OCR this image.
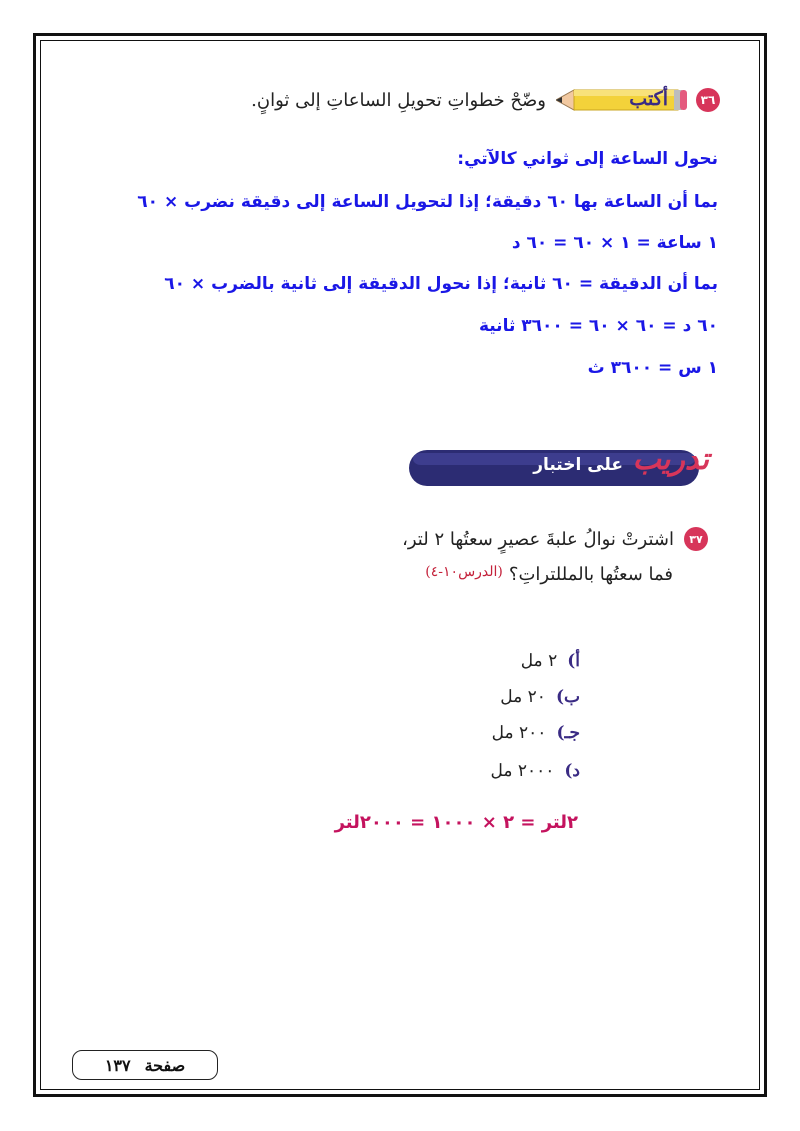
٣٦
أكتب
وضّحْ خطواتِ تحويلِ الساعاتِ إلى ثوانٍ.
نحول الساعة إلى ثواني كالآتي:
بما أن الساعة بها ٦٠ دقيقة؛ إذا لتحويل الساعة إلى دقيقة نضرب × ٦٠
١ ساعة = ١ × ٦٠ = ٦٠ د
بما أن الدقيقة = ٦٠ ثانية؛ إذا نحول الدقيقة إلى ثانية بالضرب × ٦٠
٦٠ د = ٦٠ × ٦٠ = ٣٦٠٠ ثانية
١ س = ٣٦٠٠ ث
على اختبار تدريب
٣٧
اشترتْ نوالُ علبةَ عصيرٍ سعتُها ٢ لتر،
فما سعتُها بالمللتراتِ؟
(الدرس١٠-٤)
أ)
٢ مل
ب)
٢٠ مل
جـ)
٢٠٠ مل
د)
٢٠٠٠ مل
٢لتر = ٢ × ١٠٠٠ = ٢٠٠٠لتر
صفحة
١٣٧
